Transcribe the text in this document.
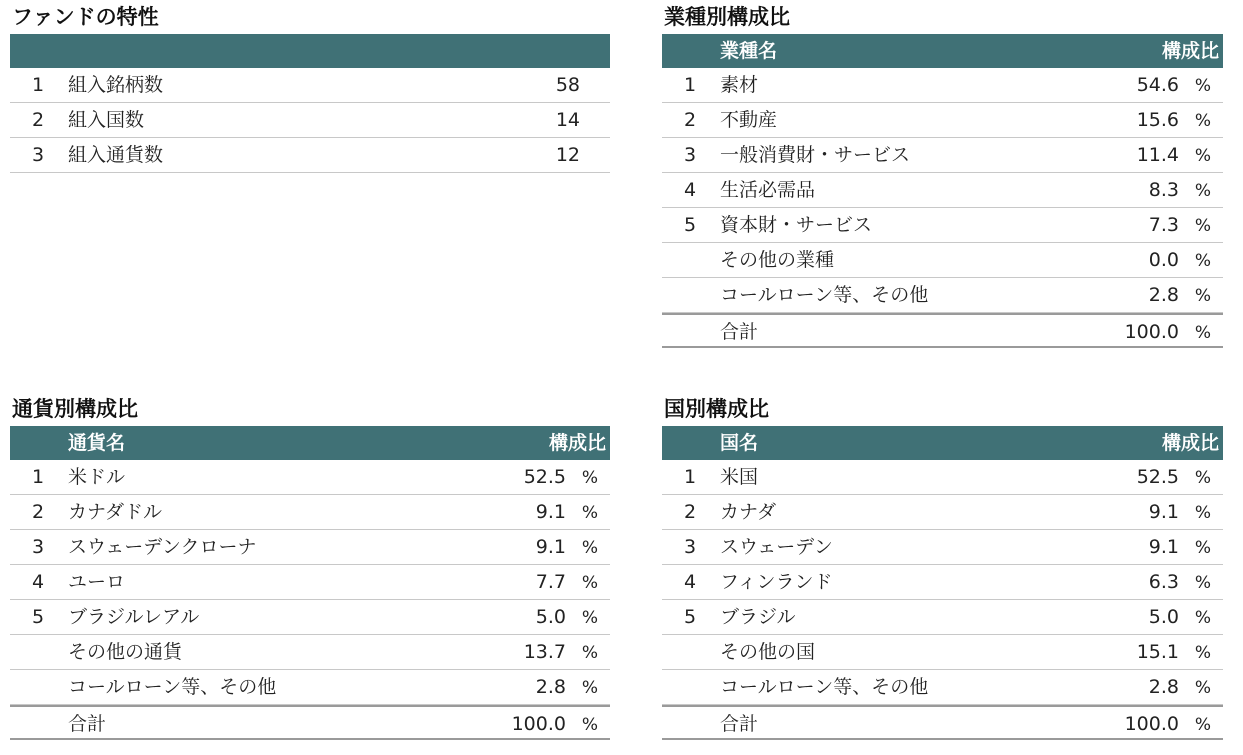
ファンドの特性
1 組入銘柄数	58
2 組入国数	14
3 組入通貨数	12
業種別構成比
業種名	構成比
1 素材	54.6 %
2 不動産	15.6 %
3 一般消費財・サービス	11.4 %
4 生活必需品	8.3 %
5 資本財・サービス	7.3 %
その他の業種	0.0 %
コールローン等、その他	2.8 %
合計	100.0 %
通貨別構成比
通貨名	構成比
1 米ドル	52.5 %
2 カナダドル	9.1 %
3 スウェーデンクローナ	9.1 %
4 ユーロ	7.7 %
5 ブラジルレアル	5.0 %
その他の通貨	13.7 %
コールローン等、その他	2.8 %
合計	100.0 %
国別構成比
国名	構成比
1 米国	52.5 %
2 カナダ	9.1 %
3 スウェーデン	9.1 %
4 フィンランド	6.3 %
5 ブラジル	5.0 %
その他の国	15.1 %
コールローン等、その他	2.8 %
合計	100.0 %
